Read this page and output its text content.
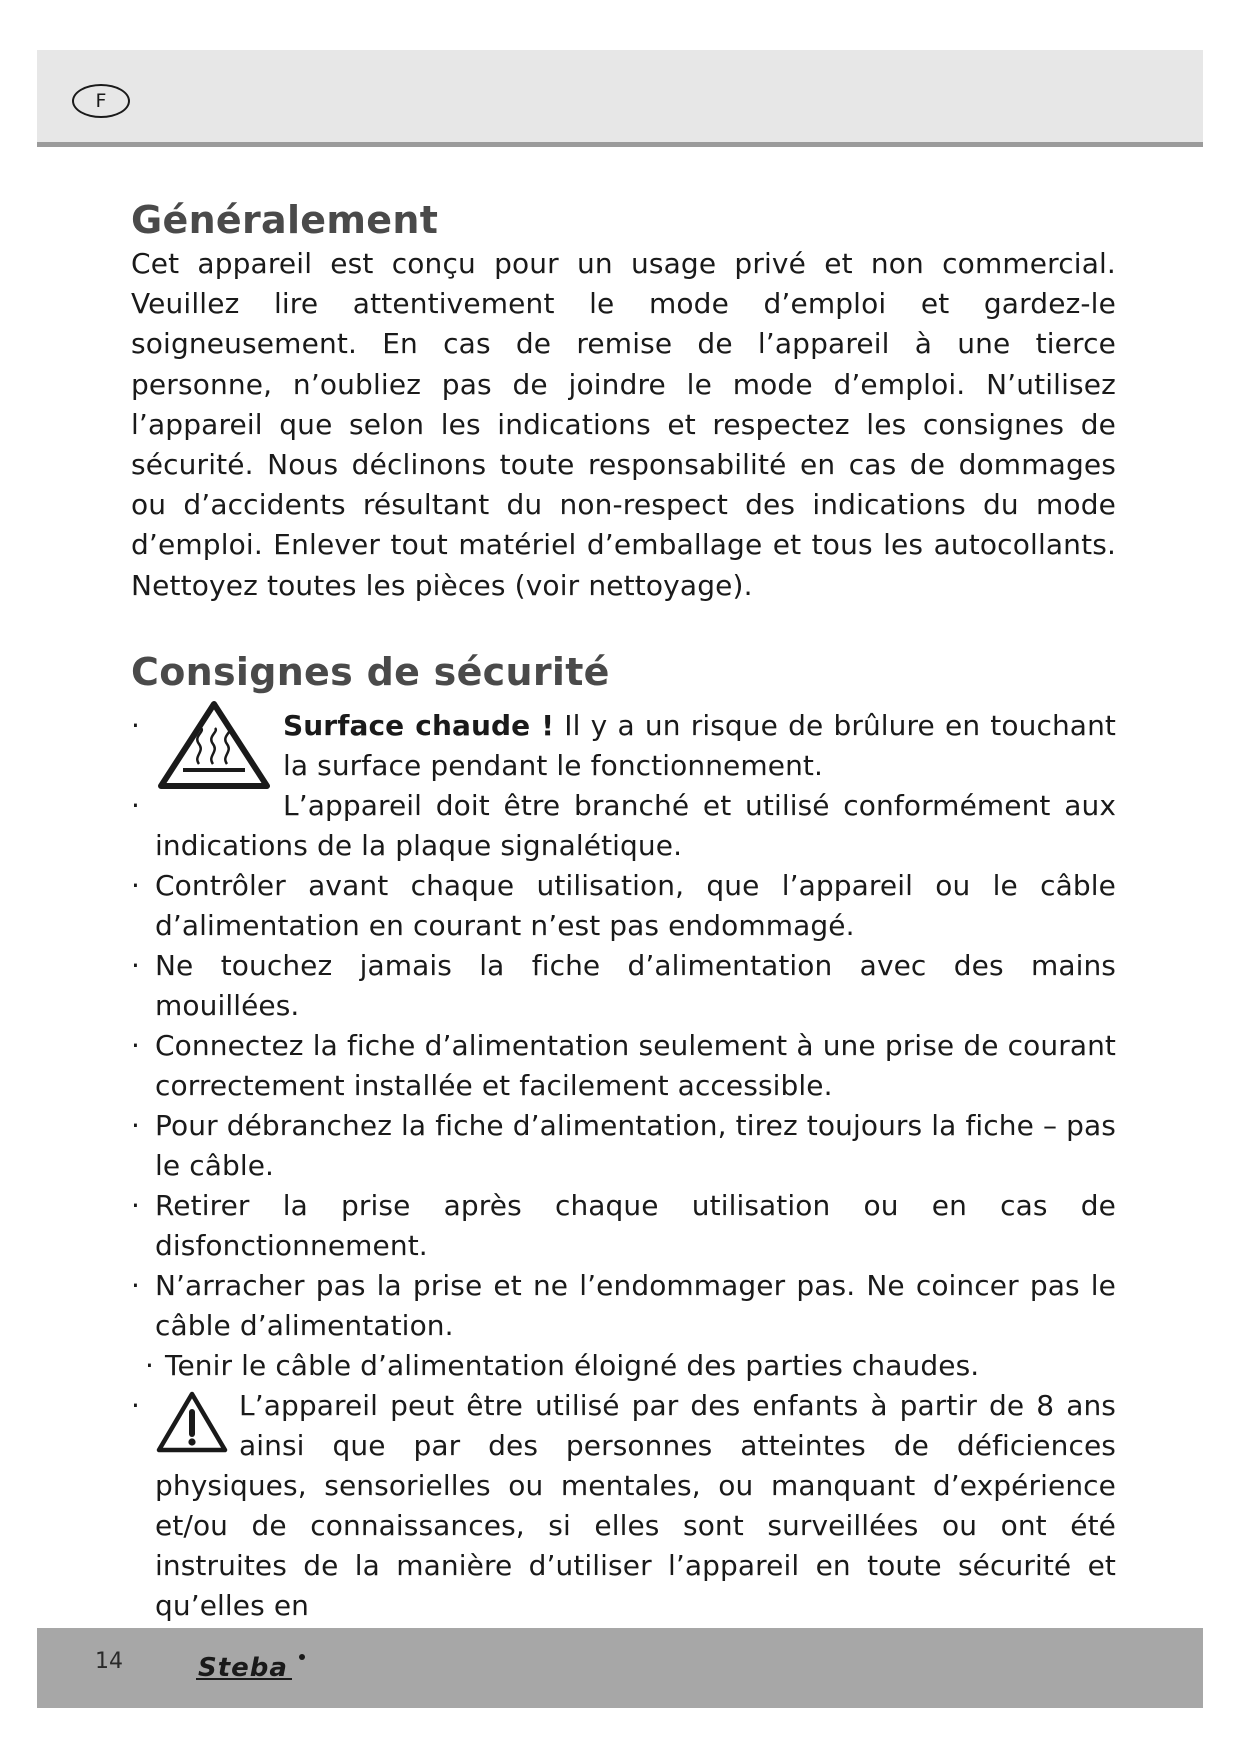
F
Généralement

Cet appareil est conçu pour un usage privé et non commercial. Veuillez lire attentivement le mode d’emploi et gardez-le soigneusement. En cas de remise de l’appareil à une tierce personne, n’oubliez pas de joindre le mode d’emploi. N’utilisez l’appareil que selon les indications et respectez les consignes de sécurité. Nous déclinons toute responsabilité en cas de dommages ou d’accidents résultant du non-respect des indications du mode d’emploi. Enlever tout matériel d’emballage et tous les autocollants. Nettoyez toutes les pièces (voir nettoyage).

Consignes de sécurité
·	Surface chaude ! Il y a un risque de brûlure en touchant la surface pendant le fonctionnement.
·	L’appareil doit être branché et utilisé conformément aux indications de la plaque signalétique.
· Contrôler avant chaque utilisation, que l’appareil ou le câble d’alimentation en courant n’est pas endommagé.
· Ne touchez jamais la fiche d’alimentation avec des mains mouillées.
· Connectez la fiche d’alimentation seulement à une prise de courant correctement installée et facilement accessible.
· Pour débranchez la fiche d’alimentation, tirez toujours la fiche – pas le câble.
· Retirer la prise après chaque utilisation ou en cas de disfonctionnement.
· N’arracher pas la prise et ne l’endommager pas. Ne coincer pas le câble d’alimentation.
· Tenir le câble d’alimentation éloigné des parties chaudes.
·	L’appareil peut être utilisé par des enfants à partir de 8 ans ainsi que par des personnes atteintes de déficiences physiques, sensorielles ou mentales, ou manquant d’expérience et/ou de connaissances, si elles sont surveillées ou ont été instruites de la manière d’utiliser l’appareil en toute sécurité et qu’elles en
14	Steba
